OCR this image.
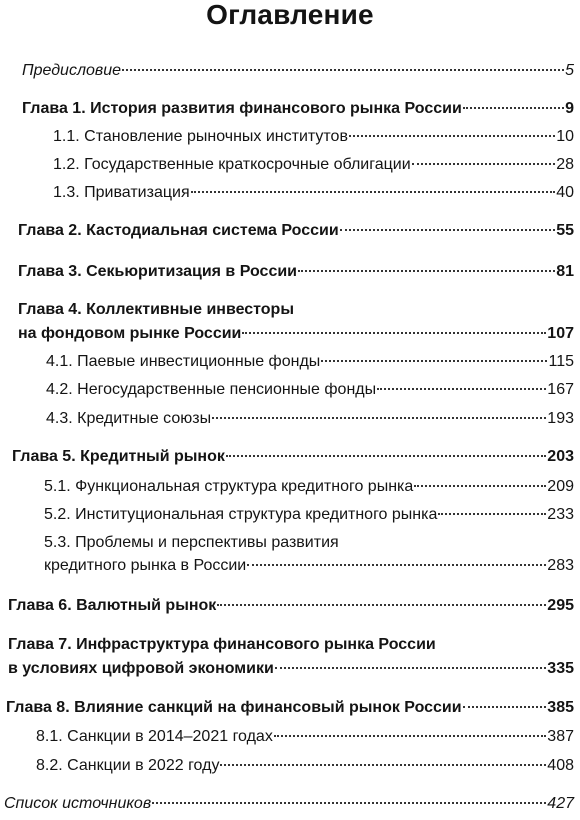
Оглавление
Предисловие	5
Глава 1. История развития финансового рынка России	9
1.1. Становление рыночных институтов	10
1.2. Государственные краткосрочные облигации	28
1.3. Приватизация	40
Глава 2. Кастодиальная система России	55
Глава 3. Секьюритизация в России	81
Глава 4. Коллективные инвесторы
на фондовом рынке России	107
4.1. Паевые инвестиционные фонды	115
4.2. Негосударственные пенсионные фонды	167
4.3. Кредитные союзы	193
Глава 5. Кредитный рынок	203
5.1. Функциональная структура кредитного рынка	209
5.2. Институциональная структура кредитного рынка	233
5.3. Проблемы и перспективы развития
кредитного рынка в России	283
Глава 6. Валютный рынок	295
Глава 7. Инфраструктура финансового рынка России
в условиях цифровой экономики	335
Глава 8. Влияние санкций на финансовый рынок России	385
8.1. Санкции в 2014–2021 годах	387
8.2. Санкции в 2022 году	408
Список источников	427
